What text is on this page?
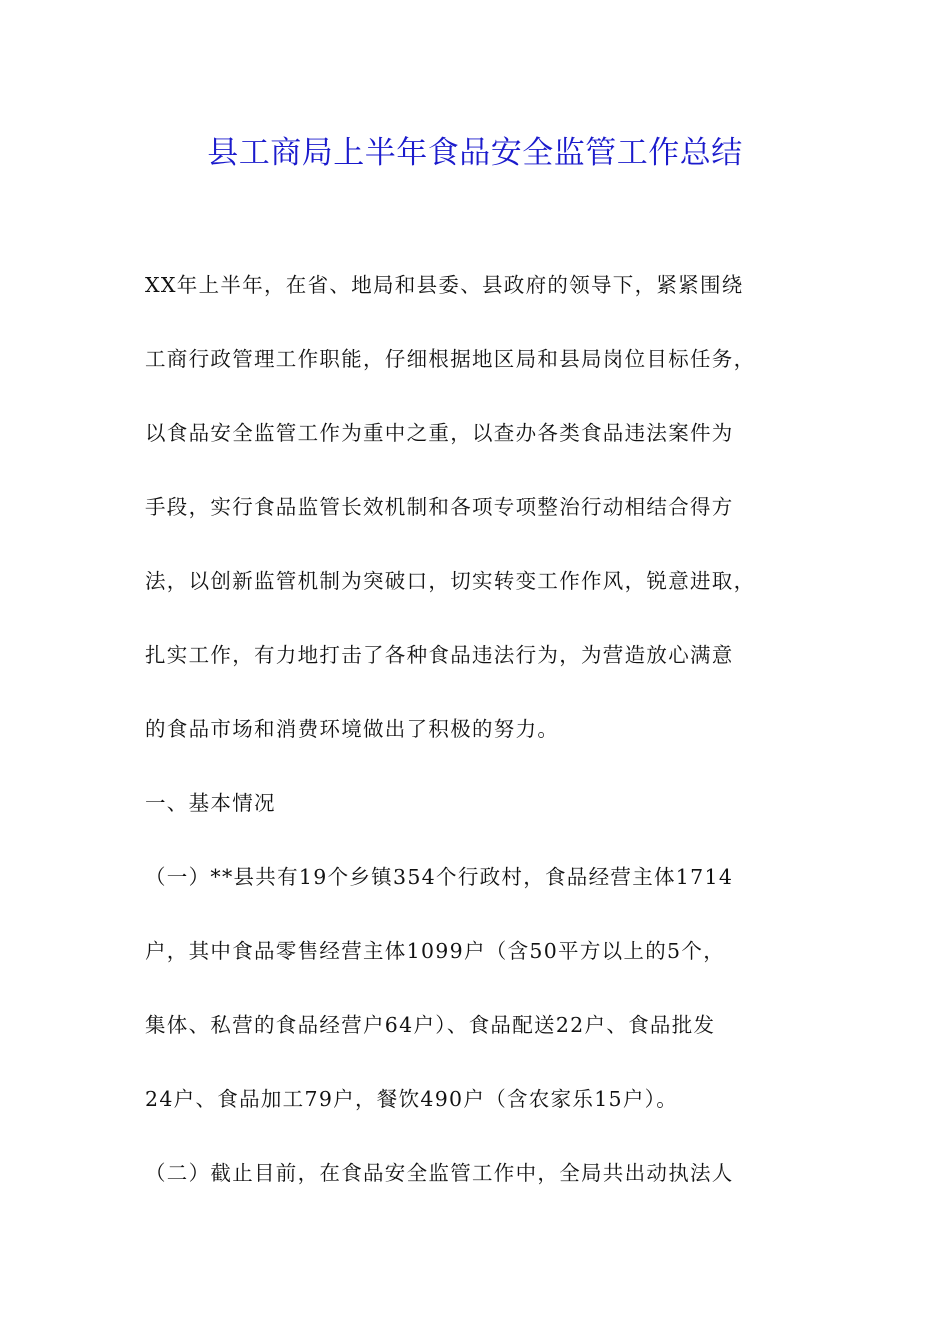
县工商局上半年食品安全监管工作总结
XX年上半年，在省、地局和县委、县政府的领导下，紧紧围绕
工商行政管理工作职能，仔细根据地区局和县局岗位目标任务，
以食品安全监管工作为重中之重，以查办各类食品违法案件为
手段，实行食品监管长效机制和各项专项整治行动相结合得方
法，以创新监管机制为突破口，切实转变工作作风，锐意进取，
扎实工作，有力地打击了各种食品违法行为，为营造放心满意
的食品市场和消费环境做出了积极的努力。
一、基本情况
（一）**县共有19个乡镇354个行政村，食品经营主体1714
户，其中食品零售经营主体1099户（含50平方以上的5个，
集体、私营的食品经营户64户）、食品配送22户、食品批发
24户、食品加工79户，餐饮490户（含农家乐15户）。
（二）截止目前，在食品安全监管工作中，全局共出动执法人
